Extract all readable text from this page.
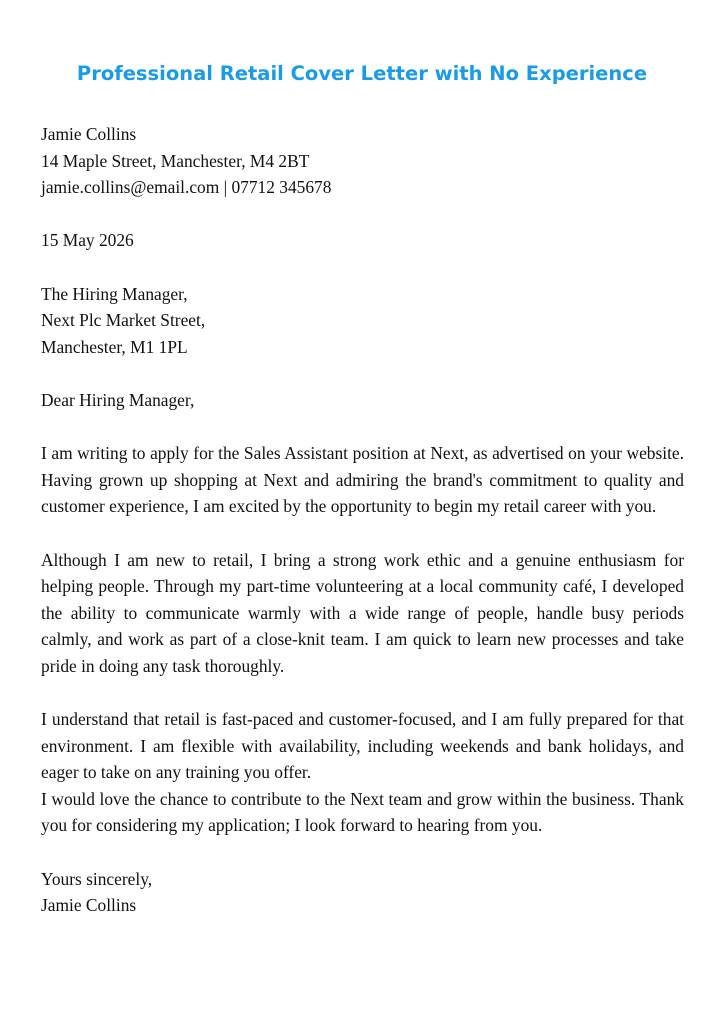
Professional Retail Cover Letter with No Experience
Jamie Collins
14 Maple Street, Manchester, M4 2BT
jamie.collins@email.com | 07712 345678
15 May 2026
The Hiring Manager,
Next Plc Market Street,
Manchester, M1 1PL
Dear Hiring Manager,

I am writing to apply for the Sales Assistant position at Next, as advertised on your website. Having grown up shopping at Next and admiring the brand's commitment to quality and customer experience, I am excited by the opportunity to begin my retail career with you.

Although I am new to retail, I bring a strong work ethic and a genuine enthusiasm for helping people. Through my part-time volunteering at a local community café, I developed the ability to communicate warmly with a wide range of people, handle busy periods calmly, and work as part of a close-knit team. I am quick to learn new processes and take pride in doing any task thoroughly.

I understand that retail is fast-paced and customer-focused, and I am fully prepared for that environment. I am flexible with availability, including weekends and bank holidays, and eager to take on any training you offer.

I would love the chance to contribute to the Next team and grow within the business. Thank you for considering my application; I look forward to hearing from you.

Yours sincerely,
Jamie Collins
